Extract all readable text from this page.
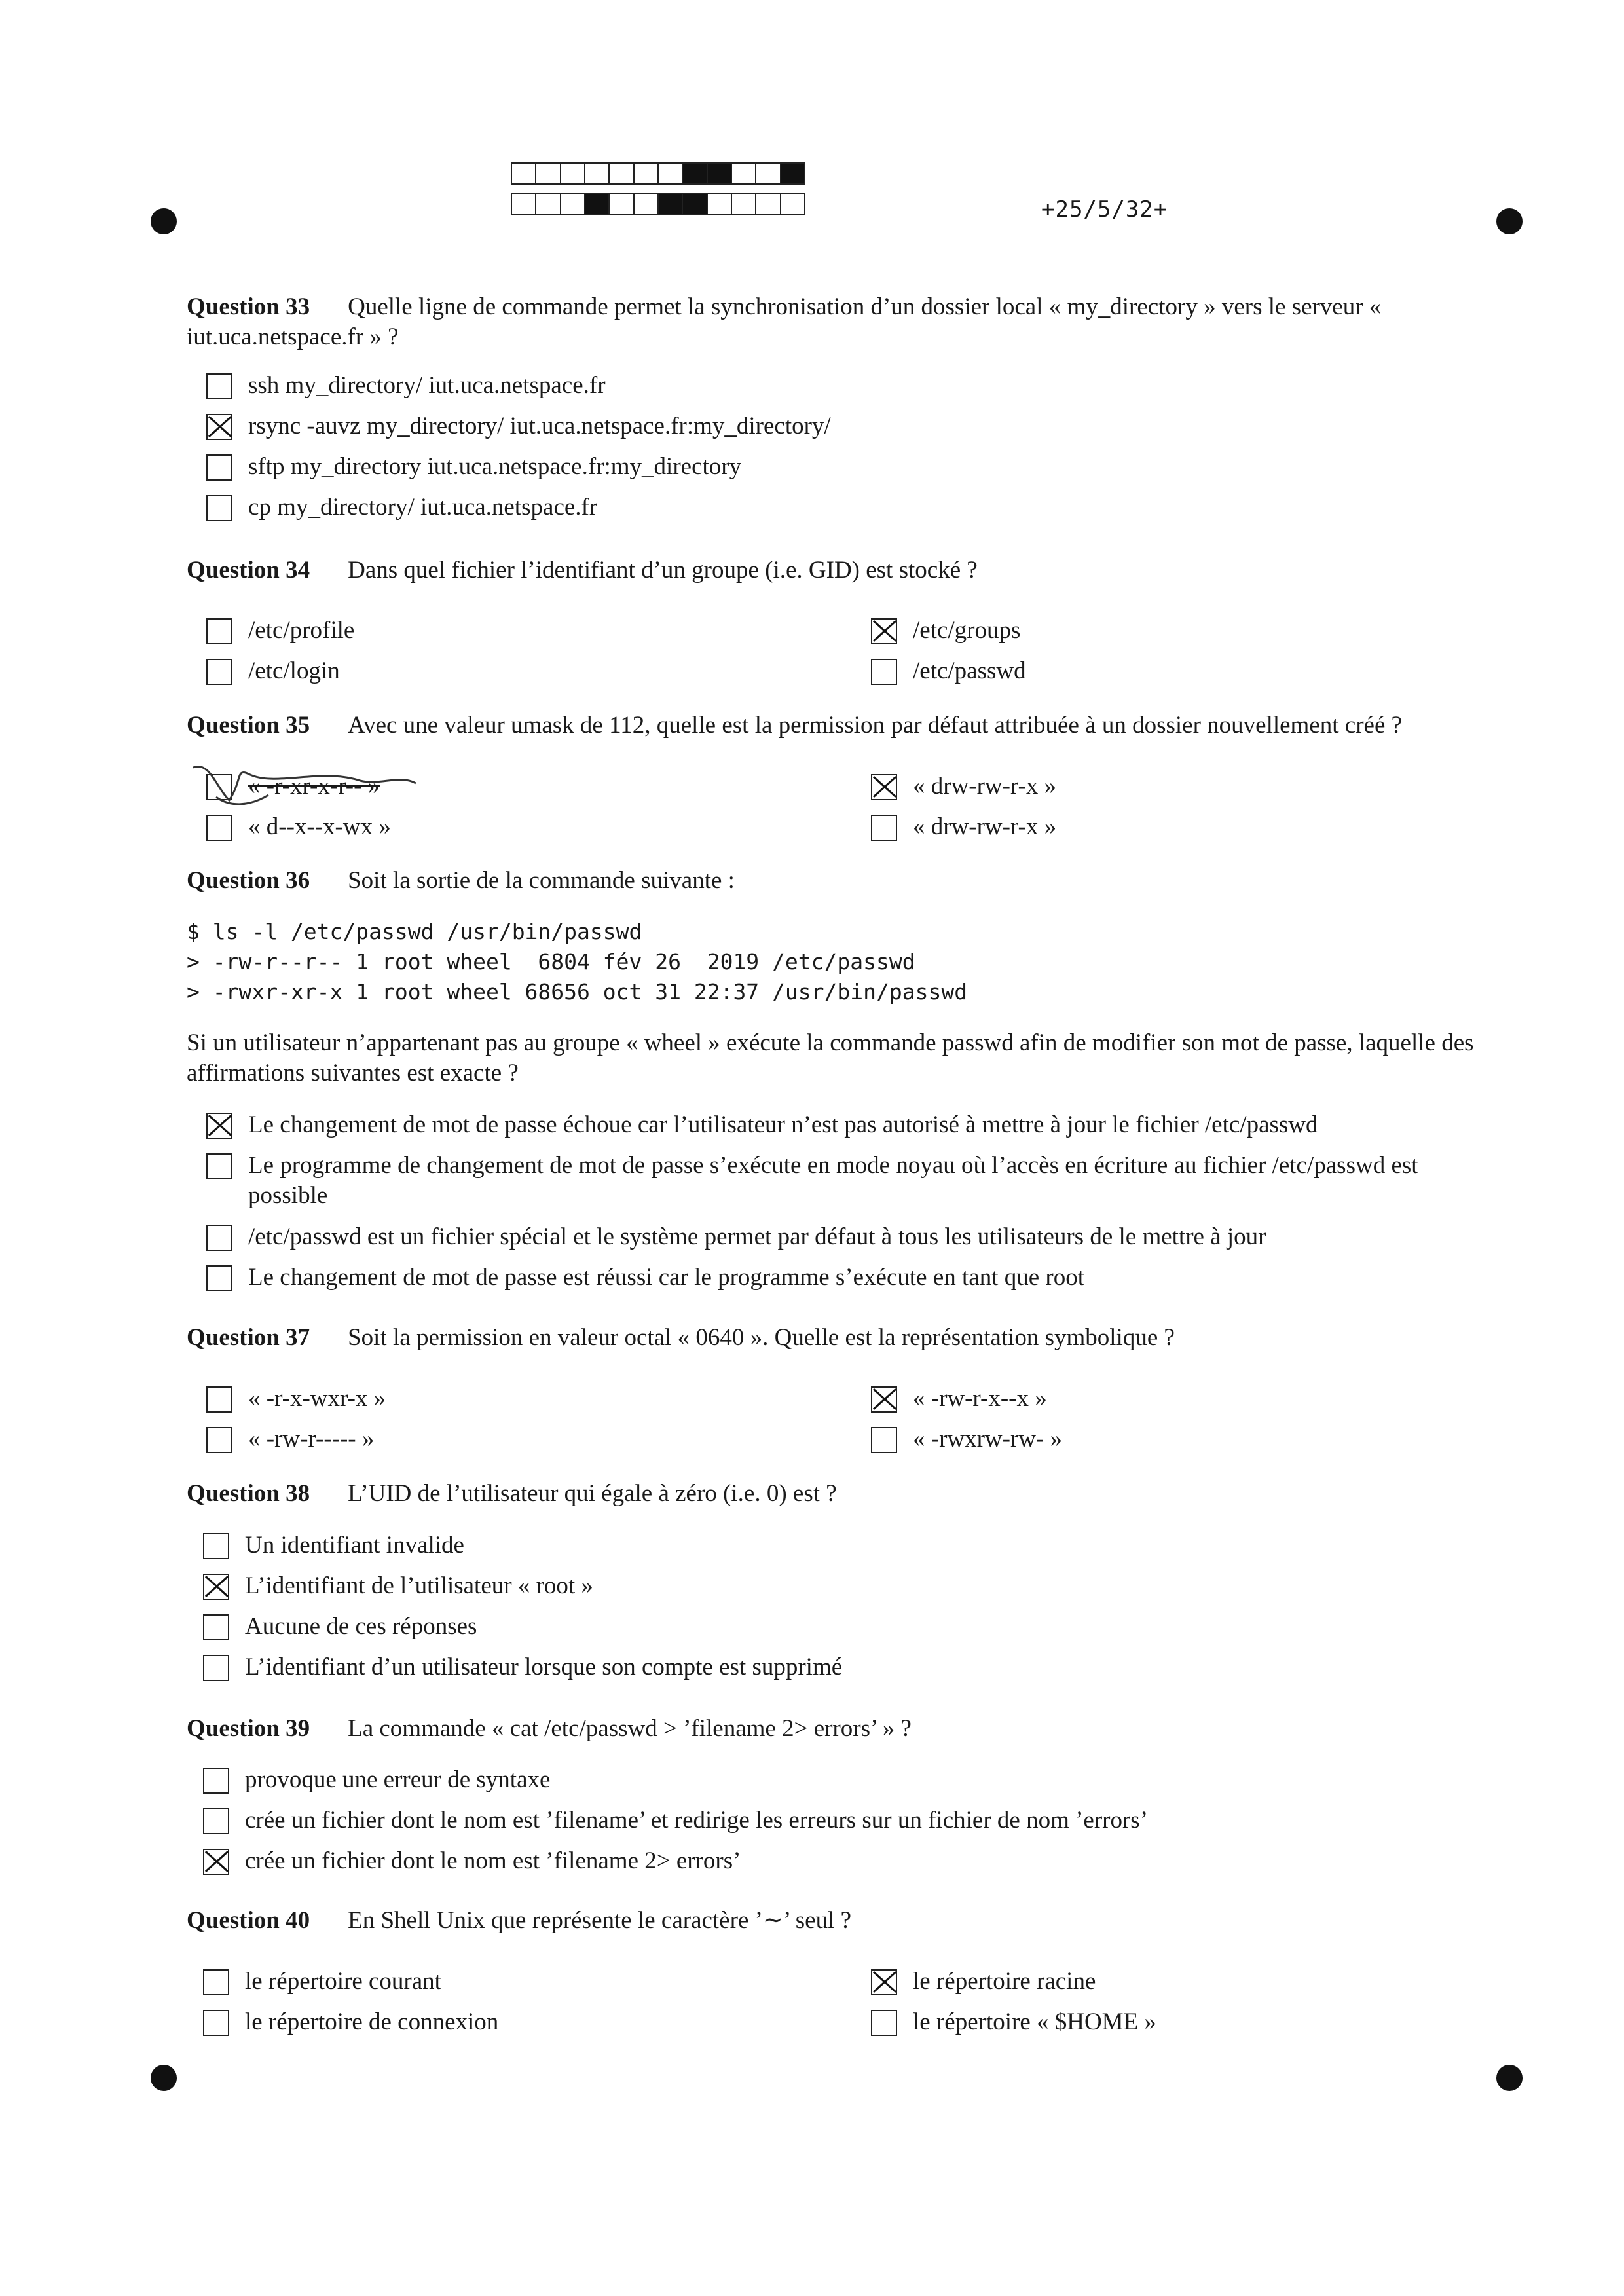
+25/5/32+
Question 33 Quelle ligne de commande permet la synchronisation d’un dossier local « my_directory » vers le serveur « iut.uca.netspace.fr » ?
ssh my_directory/ iut.uca.netspace.fr
rsync -auvz my_directory/ iut.uca.netspace.fr:my_directory/
sftp my_directory iut.uca.netspace.fr:my_directory
cp my_directory/ iut.uca.netspace.fr
Question 34 Dans quel fichier l’identifiant d’un groupe (i.e. GID) est stocké ?
/etc/profile	/etc/groups
/etc/login	/etc/passwd
Question 35 Avec une valeur umask de 112, quelle est la permission par défaut attribuée à un dossier nouvellement créé ?
« -r-xr-x-r-- »	« drw-rw-r-x »
« d--x--x-wx »	« drw-rw-r-x »
Question 36 Soit la sortie de la commande suivante :
$ ls -l /etc/passwd /usr/bin/passwd
> -rw-r--r-- 1 root wheel  6804 fév 26  2019 /etc/passwd
> -rwxr-xr-x 1 root wheel 68656 oct 31 22:37 /usr/bin/passwd
Si un utilisateur n’appartenant pas au groupe « wheel » exécute la commande passwd afin de modifier son mot de passe, laquelle des affirmations suivantes est exacte ?
Le changement de mot de passe échoue car l’utilisateur n’est pas autorisé à mettre à jour le fichier /etc/passwd
Le programme de changement de mot de passe s’exécute en mode noyau où l’accès en écriture au fichier /etc/passwd est possible
/etc/passwd est un fichier spécial et le système permet par défaut à tous les utilisateurs de le mettre à jour
Le changement de mot de passe est réussi car le programme s’exécute en tant que root
Question 37 Soit la permission en valeur octal « 0640 ». Quelle est la représentation symbolique ?
« -r-x-wxr-x »	« -rw-r-x--x »
« -rw-r----- »	« -rwxrw-rw- »
Question 38 L’UID de l’utilisateur qui égale à zéro (i.e. 0) est ?
Un identifiant invalide
L’identifiant de l’utilisateur « root »
Aucune de ces réponses
L’identifiant d’un utilisateur lorsque son compte est supprimé
Question 39 La commande « cat /etc/passwd > ’filename 2> errors’ » ?
provoque une erreur de syntaxe
crée un fichier dont le nom est ’filename’ et redirige les erreurs sur un fichier de nom ’errors’
crée un fichier dont le nom est ’filename 2> errors’
Question 40 En Shell Unix que représente le caractère ’∼’ seul ?
le répertoire courant	le répertoire racine
le répertoire de connexion	le répertoire « $HOME »
